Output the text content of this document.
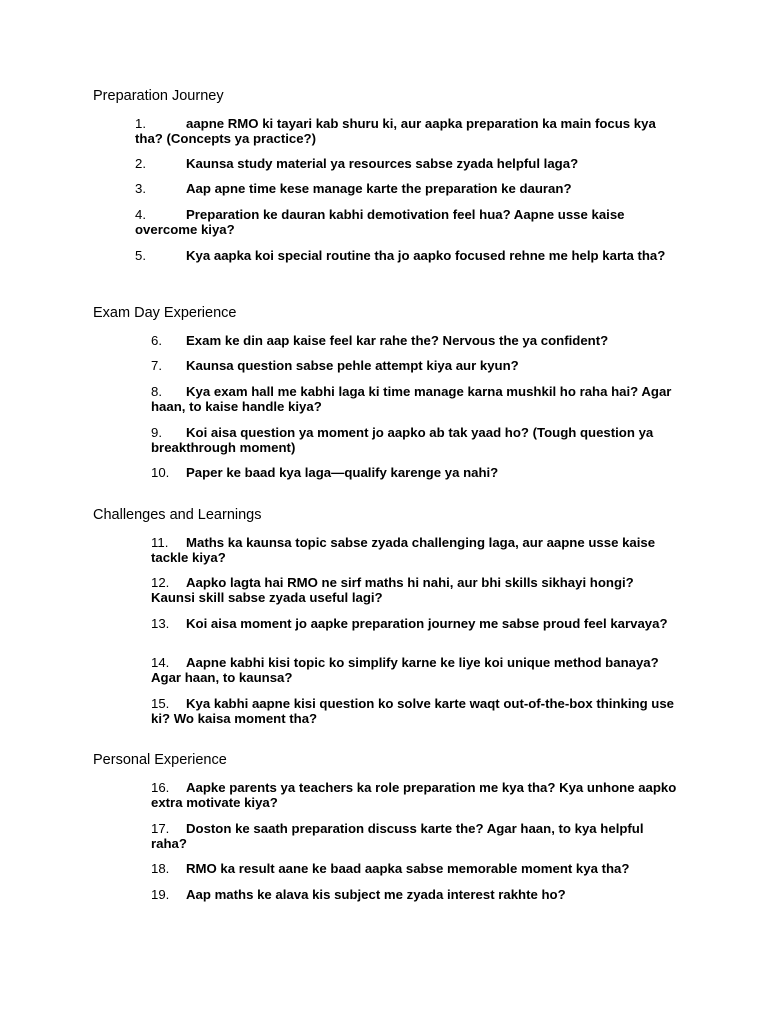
Preparation Journey

1.	aapne RMO ki tayari kab shuru ki, aur aapka preparation ka main focus kya tha? (Concepts ya practice?)

2.	Kaunsa study material ya resources sabse zyada helpful laga?

3.	Aap apne time kese manage karte the preparation ke dauran?

4.	Preparation ke dauran kabhi demotivation feel hua? Aapne usse kaise overcome kiya?

5.	Kya aapka koi special routine tha jo aapko focused rehne me help karta tha?

Exam Day Experience

6. Exam ke din aap kaise feel kar rahe the? Nervous the ya confident?

7. Kaunsa question sabse pehle attempt kiya aur kyun?

8. Kya exam hall me kabhi laga ki time manage karna mushkil ho raha hai? Agar haan, to kaise handle kiya?

9. Koi aisa question ya moment jo aapko ab tak yaad ho? (Tough question ya breakthrough moment)

10. Paper ke baad kya laga—qualify karenge ya nahi?

Challenges and Learnings

11. Maths ka kaunsa topic sabse zyada challenging laga, aur aapne usse kaise tackle kiya?

12. Aapko lagta hai RMO ne sirf maths hi nahi, aur bhi skills sikhayi hongi? Kaunsi skill sabse zyada useful lagi?

13. Koi aisa moment jo aapke preparation journey me sabse proud feel karvaya?

14. Aapne kabhi kisi topic ko simplify karne ke liye koi unique method banaya? Agar haan, to kaunsa?

15. Kya kabhi aapne kisi question ko solve karte waqt out-of-the-box thinking use ki? Wo kaisa moment tha?

Personal Experience

16. Aapke parents ya teachers ka role preparation me kya tha? Kya unhone aapko extra motivate kiya?

17. Doston ke saath preparation discuss karte the? Agar haan, to kya helpful raha?

18. RMO ka result aane ke baad aapka sabse memorable moment kya tha?

19. Aap maths ke alava kis subject me zyada interest rakhte ho?
